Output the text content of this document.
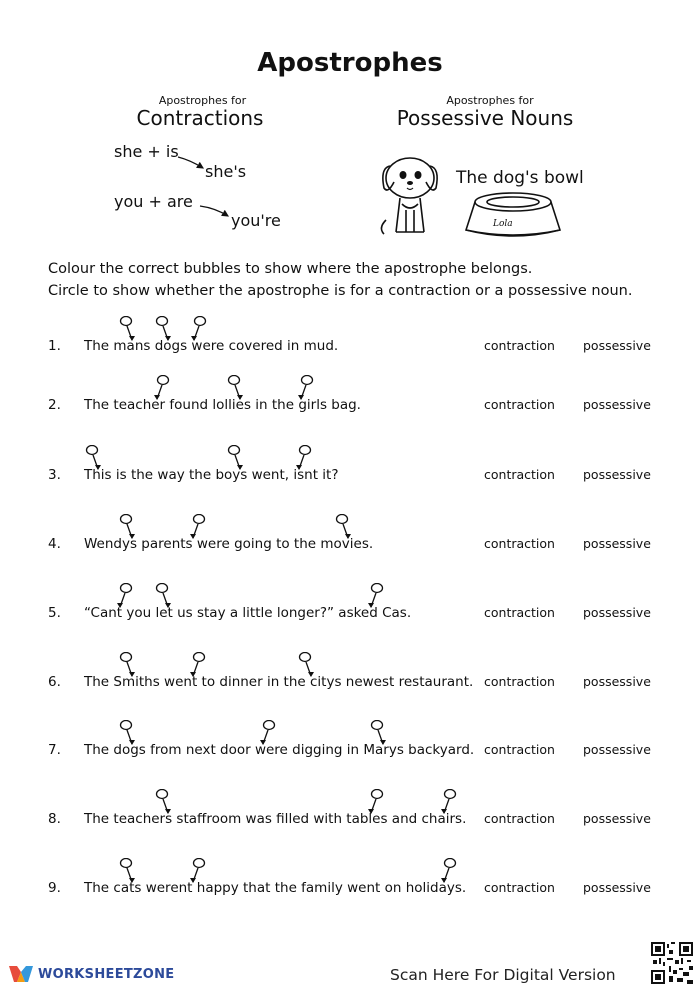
Apostrophes
Apostrophes for
Contractions
she + is
she's
you + are
you're
Apostrophes for
Possessive Nouns
The dog's bowl
Lola
Colour the correct bubbles to show where the apostrophe belongs.
Circle to show whether the apostrophe is for a contraction or a possessive noun.
1. The mans dogs were covered in mud.	contraction possessive
2. The teacher found lollies in the girls bag.	contraction possessive
3. This is the way the boys went, isnt it?	contraction possessive
4. Wendys parents were going to the movies.	contraction possessive
5. “Cant you let us stay a little longer?” asked Cas.	contraction possessive
6. The Smiths went to dinner in the citys newest restaurant. contraction possessive
7. The dogs from next door were digging in Marys backyard. contraction possessive
8. The teachers staffroom was filled with tables and chairs. contraction possessive
9. The cats werent happy that the family went on holidays. contraction possessive
WORKSHEETZONE	Scan Here For Digital Version
